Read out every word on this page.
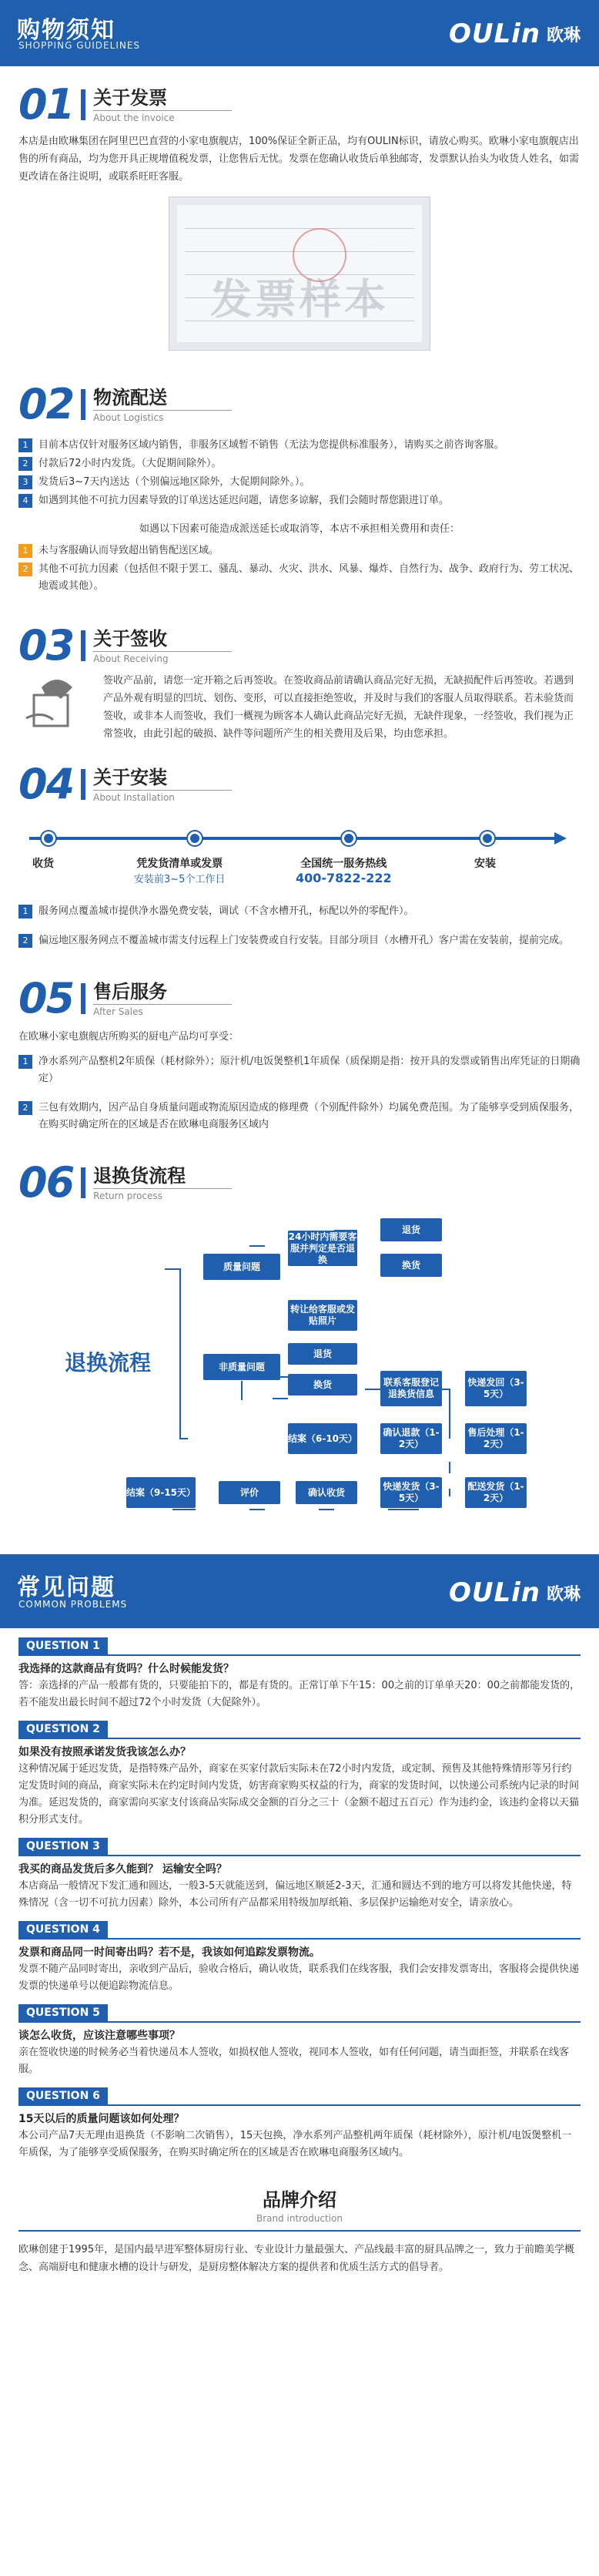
购物须知
SHOPPING GUIDELINES	OULin 欧琳
01 关于发票
About the invoice

本店是由欧琳集团在阿里巴巴直营的小家电旗舰店，100%保证全新正品，均有OULIN标识，请放心购买。欧琳小家电旗舰店出售的所有商品，均为您开具正规增值税发票，让您售后无忧。发票在您确认收货后单独邮寄，发票默认抬头为收货人姓名，如需更改请在备注说明，或联系旺旺客服。

发票样本
02 物流配送
About Logistics
1	目前本店仅针对服务区域内销售，非服务区域暂不销售（无法为您提供标准服务），请购买之前咨询客服。
2	付款后72小时内发货。（大促期间除外）。
3	发货后3~7天内送达（个别偏远地区除外，大促期间除外。）。
4	如遇到其他不可抗力因素导致的订单送达延迟问题，请您多谅解，我们会随时帮您跟进订单。
如遇以下因素可能造成派送延长或取消等，本店不承担相关费用和责任：
1	未与客服确认而导致超出销售配送区域。
2	其他不可抗力因素（包括但不限于罢工、骚乱、暴动、火灾、洪水、风暴、爆炸、自然行为、战争、政府行为、劳工状况、地震或其他）。
03 关于签收
About Receiving

签收产品前，请您一定开箱之后再签收。在签收商品前请确认商品完好无损，无缺损配件后再签收。若遇到产品外观有明显的凹坑、划伤、变形，可以直接拒绝签收，并及时与我们的客服人员取得联系。若未验货而签收，或非本人而签收，我们一概视为顾客本人确认此商品完好无损，无缺件现象，一经签收，我们视为正常签收，由此引起的破损、缺件等问题所产生的相关费用及后果，均由您承担。

04 关于安装
About Installation
收货	凭发货清单或发票
安装前3~5个工作日
全国统一服务热线
400-7822-222
安装
1	服务网点覆盖城市提供净水器免费安装，调试（不含水槽开孔，标配以外的零配件）。
2	偏远地区服务网点不覆盖城市需支付远程上门安装费或自行安装。目部分项目（水槽开孔）客户需在安装前，提前完成。
05 售后服务
After Sales

在欧琳小家电旗舰店所购买的厨电产品均可享受：

1	净水系列产品整机2年质保（耗材除外）；原汁机/电饭煲整机1年质保（质保期是指：按开具的发票或销售出库凭证的日期确定）
2	三包有效期内，因产品自身质量问题或物流原因造成的修理费（个别配件除外）均属免费范围。为了能够享受到质保服务，在购买时确定所在的区域是否在欧琳电商服务区域内
06 退换货流程
Return process
退换流程
质量问题
24小时内需要客服并判定是否退换
退货
换货
非质量问题
转让给客服或发贴照片
退货
换货	联系客服登记退换货信息
快递发回（3-5天）
售后处理（1-2天）
确认退款（1-2天）
结案（6-10天）
配送发货（1-2天）
快递发货（3-5天）
确认收货
评价
结案（9-15天）
常见问题
COMMON PROBLEMS	OULin 欧琳
QUESTION 1
我选择的这款商品有货吗？什么时候能发货？
答：亲选择的产品一般都有货的，只要能拍下的，都是有货的。正常订单下午15：00之前的订单单天20：00之前都能发货的，若不能发出最长时间不超过72个小时发货（大促除外）。
QUESTION 2
如果没有按照承诺发货我该怎么办？
这种情况属于延迟发货，是指特殊产品外，商家在买家付款后实际未在72小时内发货，或定制、预售及其他特殊情形等另行约定发货时间的商品，商家实际未在约定时间内发货，妨害商家购买权益的行为，商家的发货时间，以快递公司系统内记录的时间为准。延迟发货的，商家需向买家支付该商品实际成交金额的百分之三十（金额不超过五百元）作为违约金，该违约金将以天猫积分形式支付。
QUESTION 3
我买的商品发货后多久能到？ 运输安全吗？
本店商品一般情况下发汇通和圆达，一般3-5天就能送到，偏远地区顺延2-3天，汇通和圆达不到的地方可以将发其他快递，特殊情况（含一切不可抗力因素）除外，本公司所有产品都采用特级加厚纸箱、多层保护运输绝对安全，请亲放心。
QUESTION 4
发票和商品同一时间寄出吗？若不是，我该如何追踪发票物流。
发票不随产品同时寄出，亲收到产品后，验收合格后，确认收货，联系我们在线客服，我们会安排发票寄出，客服将会提供快递发票的快递单号以便追踪物流信息。
QUESTION 5
谈怎么收货，应该注意哪些事项？
亲在签收快递的时候务必当着快递员本人签收，如损权他人签收，视同本人签收，如有任何问题，请当面拒签，并联系在线客服。
QUESTION 6
15天以后的质量问题该如何处理？
本公司产品7天无理由退换货（不影响二次销售），15天包换，净水系列产品整机两年质保（耗材除外），原汁机/电饭煲整机一年质保，为了能够享受质保服务，在购买时确定所在的区域是否在欧琳电商服务区域内。
品牌介绍
Brand introduction

欧琳创建于1995年，是国内最早进军整体厨房行业、专业设计力量最强大、产品线最丰富的厨具品牌之一，致力于前瞻美学概念、高端厨电和健康水槽的设计与研发，是厨房整体解决方案的提供者和优质生活方式的倡导者。
